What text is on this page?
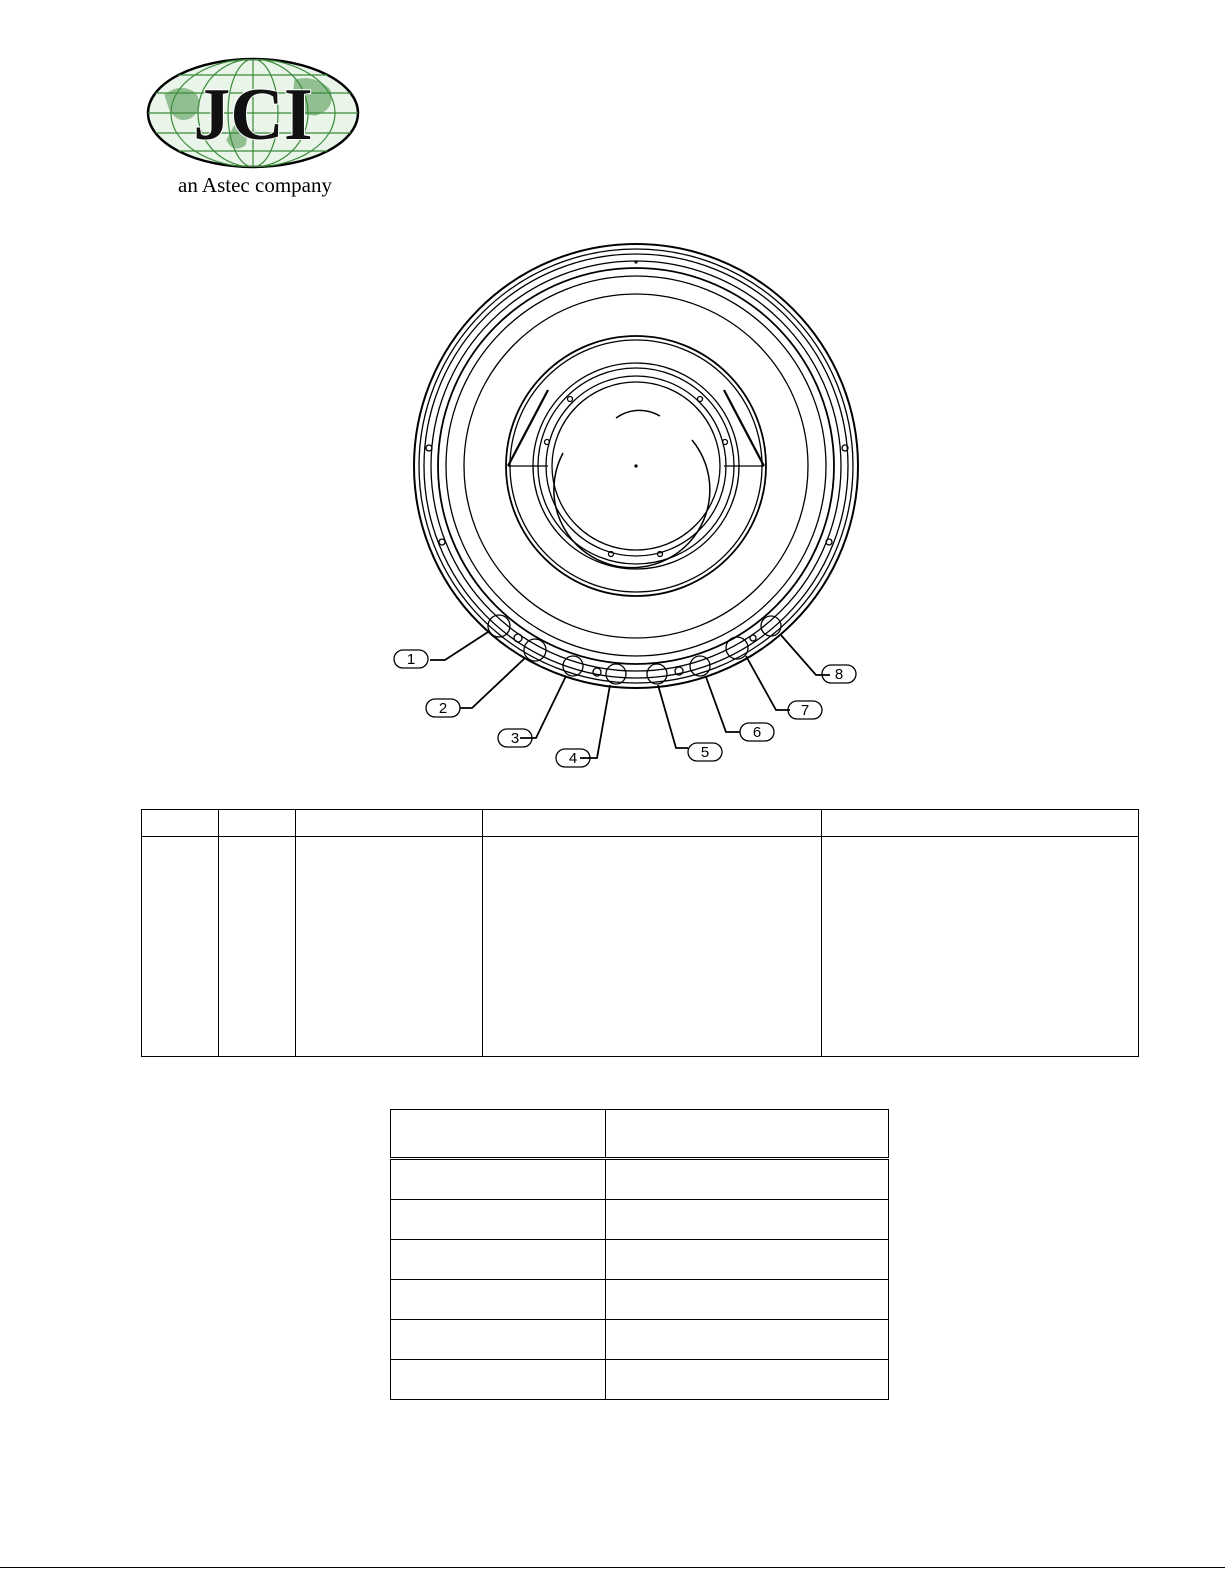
JCI
an Astec company
1
2
3
4	5
6
7
8
